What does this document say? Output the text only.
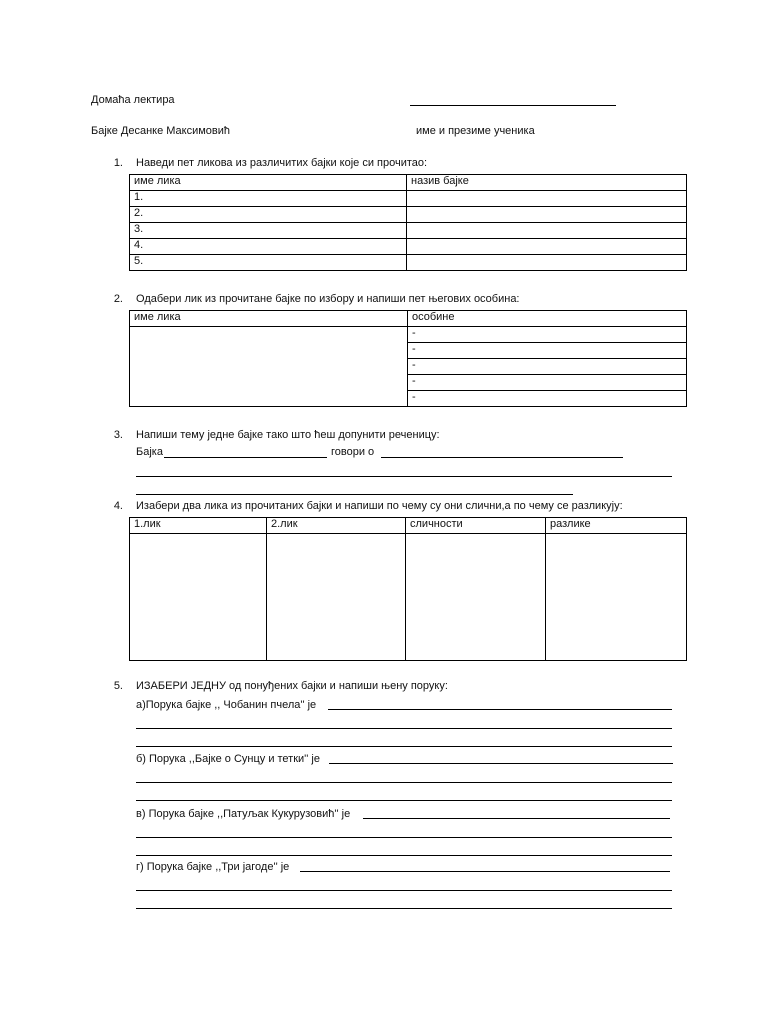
Домаћа лектира
Бајке Десанке Максимовић	име и презиме ученика
1. Наведи пет ликова из различитих бајки које си прочитао:
име лика	назив бајке
1.	
2.	
3.	
4.	
5.	
2. Одабери лик из прочитане бајке по избору и напиши пет његових особина:
име лика	особине
	-
	-
	-
	-
	-
3. Напиши тему једне бајке тако што ћеш допунити реченицу:
Бајка	говори о
4. Изабери два лика из прочитаних бајки и напиши по чему су они слични,а по чему се разликују:
1.лик	2.лик	сличности	разлике

5. ИЗАБЕРИ ЈЕДНУ од понуђених бајки и напиши њену поруку:
а)Порука бајке ,, Чобанин пчела'' је
б) Порука ,,Бајке о Сунцу и тетки'' је
в) Порука бајке ,,Патуљак Кукурузовић'' је
г) Порука бајке ,,Три јагоде'' је
